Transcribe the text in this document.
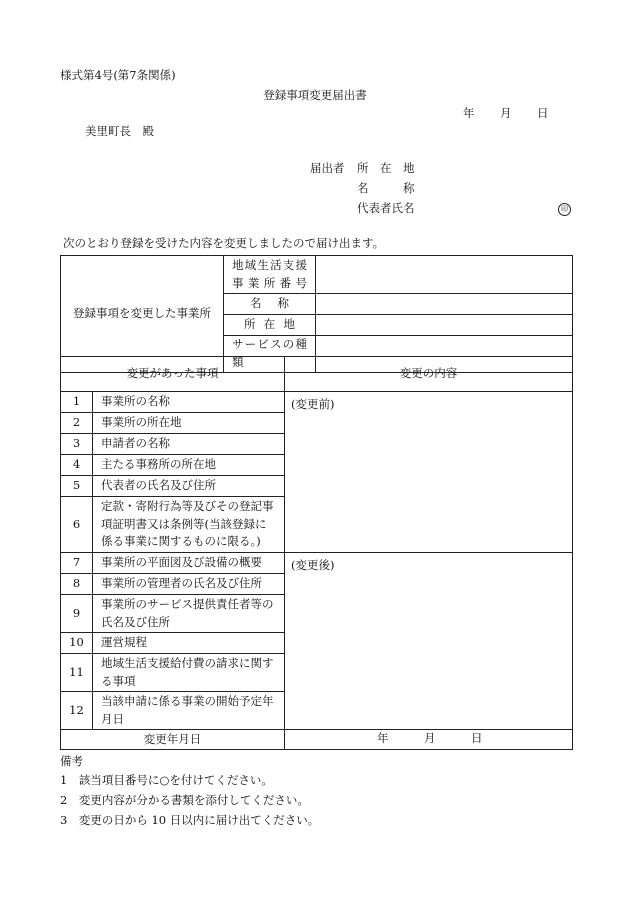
様式第4号(第7条関係)
登録事項変更届出書
年 月 日
美里町長　殿
届出者 所　在　地
名　　　称
代表者氏名	印
次のとおり登録を受けた内容を変更しましたので届け出ます。
登録事項を変更した事業所	地域生活支援
事業所番号	

	名称	

	所在地	

	サービスの種類	

変更があった事項		変更の内容
1	事業所の名称	(変更前)
2	事業所の所在地	
3	申請者の名称	
4	主たる事務所の所在地	
5	代表者の氏名及び住所	
6	定款・寄附行為等及びその登記事
項証明書又は条例等(当該登録に
係る事業に関するものに限る。)	

7	事業所の平面図及び設備の概要	(変更後)
8	事業所の管理者の氏名及び住所	
9	事業所のサービス提供責任者等の
氏名及び住所	

10	運営規程	
11	地域生活支援給付費の請求に関す
る事項	

12	当該申請に係る事業の開始予定年
月日	

変更年月日		年 月 日
備考
1　該当項目番号に○を付けてください。
2　変更内容が分かる書類を添付してください。
3　変更の日から 10 日以内に届け出てください。
